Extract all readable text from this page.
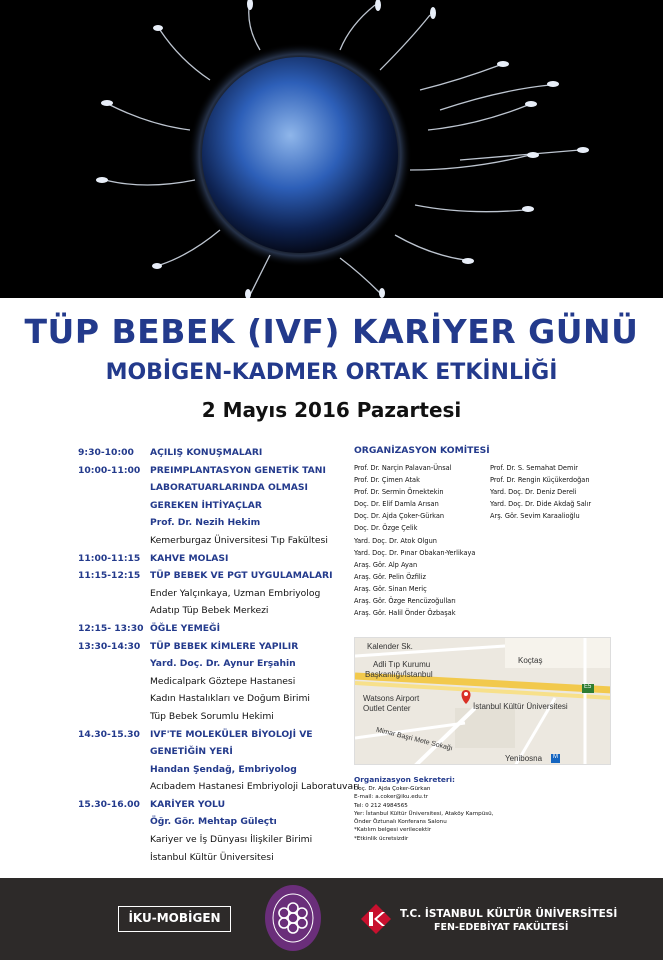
TÜP BEBEK (IVF) KARİYER GÜNÜ
MOBİGEN-KADMER ORTAK ETKİNLİĞİ
2 Mayıs 2016 Pazartesi
9:30-10:00 AÇILIŞ KONUŞMALARI
10:00-11:00 PREIMPLANTASYON GENETİK TANI
LABORATUARLARINDA OLMASI
GEREKEN İHTİYAÇLAR
Prof. Dr. Nezih Hekim
Kemerburgaz Üniversitesi Tıp Fakültesi
11:00-11:15 KAHVE MOLASI
11:15-12:15 TÜP BEBEK VE PGT UYGULAMALARI
Ender Yalçınkaya, Uzman Embriyolog
Adatıp Tüp Bebek Merkezi
12:15- 13:30 ÖĞLE YEMEĞİ
13:30-14:30 TÜP BEBEK KİMLERE YAPILIR
Yard. Doç. Dr. Aynur Erşahin
Medicalpark Göztepe Hastanesi
Kadın Hastalıkları ve Doğum Birimi
Tüp Bebek Sorumlu Hekimi
14.30-15.30 IVF'TE MOLEKÜLER BİYOLOJİ VE
GENETİĞİN YERİ
Handan Şendağ, Embriyolog
Acıbadem Hastanesi Embriyoloji Laboratuvarı
15.30-16.00 KARİYER YOLU
Öğr. Gör. Mehtap Güleçtı
Kariyer ve İş Dünyası İlişkiler Birimi
İstanbul Kültür Üniversitesi
ORGANİZASYON KOMİTESİ
Prof. Dr. Narçin Palavan-Ünsal
Prof. Dr. Çimen Atak
Prof. Dr. Sermin Örnektekin
Doç. Dr. Elif Damla Arısan
Doç. Dr. Ajda Çoker-Gürkan
Doç. Dr. Özge Çelik
Yard. Doç. Dr. Atok Olgun
Yard. Doç. Dr. Pınar Obakan-Yerlikaya
Araş. Gör. Alp Ayan
Araş. Gör. Pelin Özfiliz
Araş. Gör. Sinan Meriç
Araş. Gör. Özge Rencüzoğulları
Araş. Gör. Halil Önder Özbaşak
Prof. Dr. S. Semahat Demir
Prof. Dr. Rengin Küçükerdoğan
Yard. Doç. Dr. Deniz Dereli
Yard. Doç. Dr. Dide Akdağ Salır
Arş. Gör. Sevim Karaalioğlu
Kalender Sk.
Adli Tıp Kurumu
Başkanlığı/İstanbul
Koçtaş
Watsons Airport
Outlet Center	İstanbul Kültür Üniversitesi
E5
Mimar Başri Mete Sokağı
Yenibosna M
Organizasyon Sekreteri:
Doç. Dr. Ajda Çoker-Gürkan
E-mail: a.coker@iku.edu.tr
Tel: 0 212 4984565
Yer: İstanbul Kültür Üniversitesi, Ataköy Kampüsü,
Önder Öztunalı Konferans Salonu
*Katılım belgesi verilecektir
*Etkinlik ücretsizdir
İKU-MOBİGEN	T.C. İSTANBUL KÜLTÜR ÜNİVERSİTESİ
FEN-EDEBİYAT FAKÜLTESİ
